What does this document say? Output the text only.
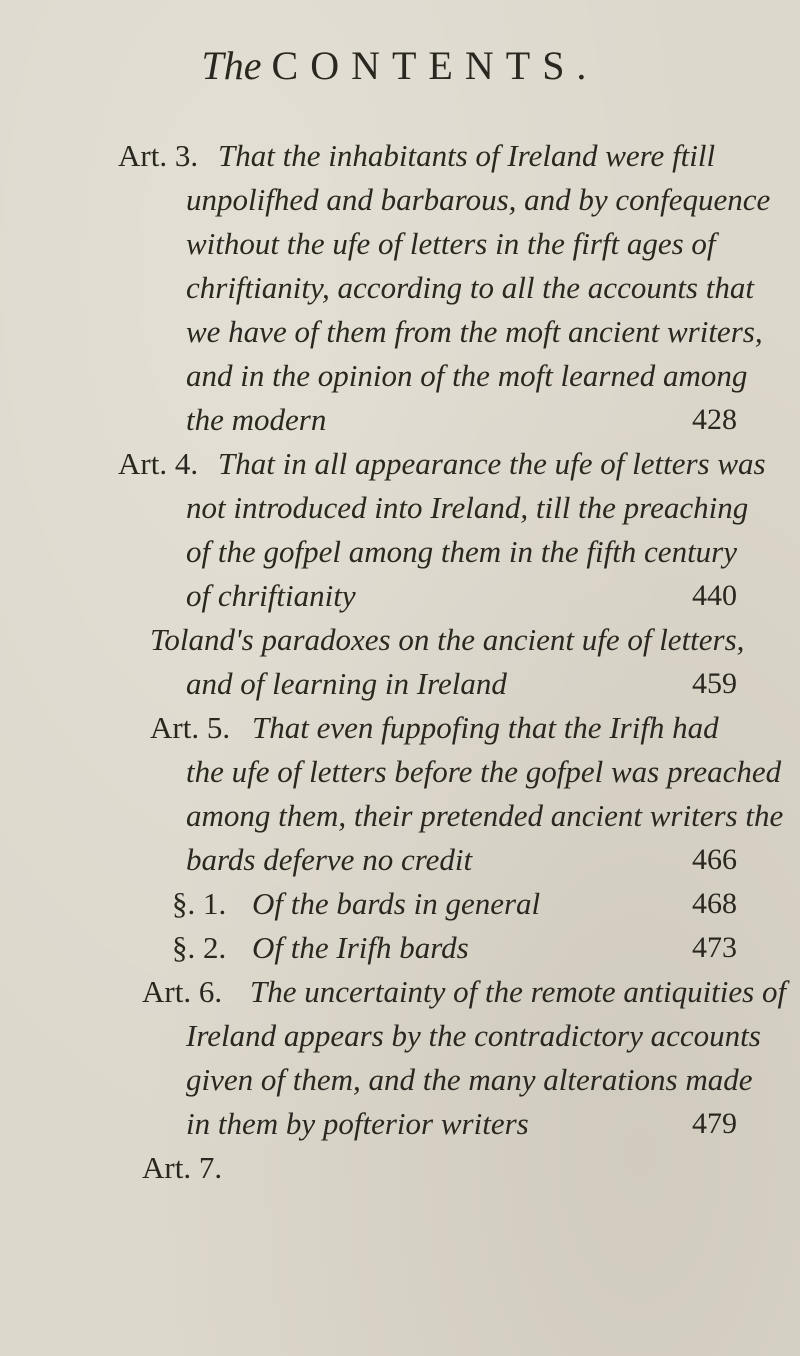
The CONTENTS.
Art. 3. That the inhabitants of Ireland were ftill
unpolifhed and barbarous, and by confequence
without the ufe of letters in the firft ages of
chriftianity, according to all the accounts that
we have of them from the moft ancient writers,
and in the opinion of the moft learned among
the modern	428
Art. 4. That in all appearance the ufe of letters was
not introduced into Ireland, till the preaching
of the gofpel among them in the fifth century
of chriftianity	440
Toland's paradoxes on the ancient ufe of letters,
and of learning in Ireland	459
Art. 5. That even fuppofing that the Irifh had
the ufe of letters before the gofpel was preached
among them, their pretended ancient writers the
bards deferve no credit	466
§. 1. Of the bards in general	468
§. 2. Of the Irifh bards	473
Art. 6. The uncertainty of the remote antiquities of
Ireland appears by the contradictory accounts
given of them, and the many alterations made
in them by pofterior writers	479
Art. 7.
